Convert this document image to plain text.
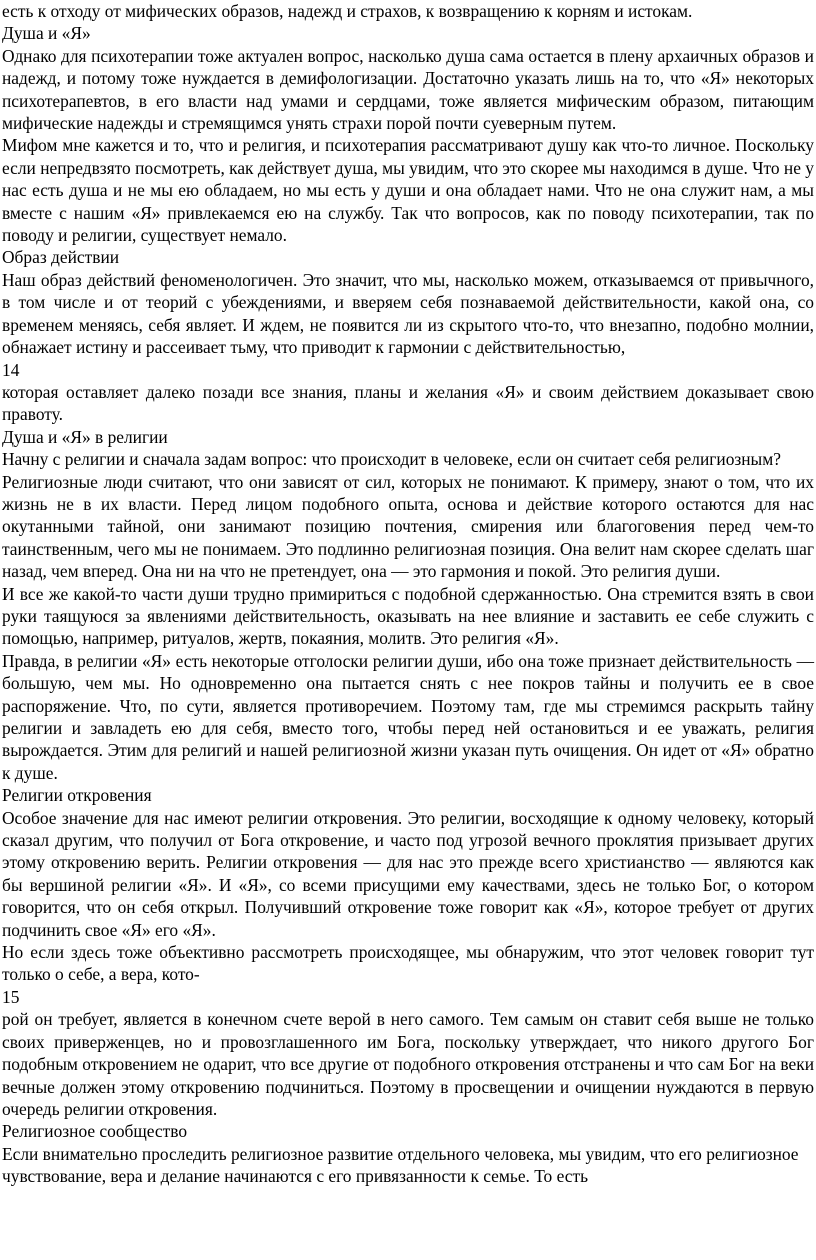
есть к отходу от мифических образов, надежд и страхов, к возвращению к корням и истокам.

Душа и «Я»

Однако для психотерапии тоже актуален вопрос, насколько душа сама остается в плену архаичных образов и надежд, и потому тоже нуждается в демифологизации. Достаточно указать лишь на то, что «Я» некоторых психотерапевтов, в его власти над умами и сердцами, тоже является мифическим образом, питающим мифические надежды и стремящимся унять страхи порой почти суеверным путем.

Мифом мне кажется и то, что и религия, и психотерапия рассматривают душу как что-то личное. Поскольку если непредвзято посмотреть, как действует душа, мы увидим, что это скорее мы находимся в душе. Что не у нас есть душа и не мы ею обладаем, но мы есть у души и она обладает нами. Что не она служит нам, а мы вместе с нашим «Я» привлекаемся ею на службу. Так что вопросов, как по поводу психотерапии, так по поводу и религии, существует немало.

Образ действии

Наш образ действий феноменологичен. Это значит, что мы, насколько можем, отказываемся от привычного, в том числе и от теорий с убеждениями, и вверяем себя познаваемой действительности, какой она, со временем меняясь, себя являет. И ждем, не появится ли из скрытого что-то, что внезапно, подобно молнии, обнажает истину и рассеивает тьму, что приводит к гармонии с действительностью,

14

которая оставляет далеко позади все знания, планы и желания «Я» и своим действием доказывает свою правоту.

Душа и «Я» в религии

Начну с религии и сначала задам вопрос: что происходит в человеке, если он считает себя религиозным?

Религиозные люди считают, что они зависят от сил, которых не понимают. К примеру, знают о том, что их жизнь не в их власти. Перед лицом подобного опыта, основа и действие которого остаются для нас окутанными тайной, они занимают позицию почтения, смирения или благоговения перед чем-то таинственным, чего мы не понимаем. Это подлинно религиозная позиция. Она велит нам скорее сделать шаг назад, чем вперед. Она ни на что не претендует, она — это гармония и покой. Это религия души.

И все же какой-то части души трудно примириться с подобной сдержанностью. Она стремится взять в свои руки таящуюся за явлениями действительность, оказывать на нее влияние и заставить ее себе служить с помощью, например, ритуалов, жертв, покаяния, молитв. Это религия «Я».

Правда, в религии «Я» есть некоторые отголоски религии души, ибо она тоже признает действительность — большую, чем мы. Но одновременно она пытается снять с нее покров тайны и получить ее в свое распоряжение. Что, по сути, является противоречием. Поэтому там, где мы стремимся раскрыть тайну религии и завладеть ею для себя, вместо того, чтобы перед ней остановиться и ее уважать, религия вырождается. Этим для религий и нашей религиозной жизни указан путь очищения. Он идет от «Я» обратно к душе.

Религии откровения

Особое значение для нас имеют религии откровения. Это религии, восходящие к одному человеку, который сказал другим, что получил от Бога откровение, и часто под угрозой вечного проклятия призывает других этому откровению верить. Религии откровения — для нас это прежде всего христианство — являются как бы вершиной религии «Я». И «Я», со всеми присущими ему качествами, здесь не только Бог, о котором говорится, что он себя открыл. Получивший откровение тоже говорит как «Я», которое требует от других подчинить свое «Я» его «Я».

Но если здесь тоже объективно рассмотреть происходящее, мы обнаружим, что этот человек говорит тут только о себе, а вера, кото-

15

рой он требует, является в конечном счете верой в него самого. Тем самым он ставит себя выше не только своих приверженцев, но и провозглашенного им Бога, поскольку утверждает, что никого другого Бог подобным откровением не одарит, что все другие от подобного откровения отстранены и что сам Бог на веки вечные должен этому откровению подчиниться. Поэтому в просвещении и очищении нуждаются в первую очередь религии откровения.

Религиозное сообщество

Если внимательно проследить религиозное развитие отдельного человека, мы увидим, что его религиозное чувствование, вера и делание начинаются с его привязанности к семье. То есть
